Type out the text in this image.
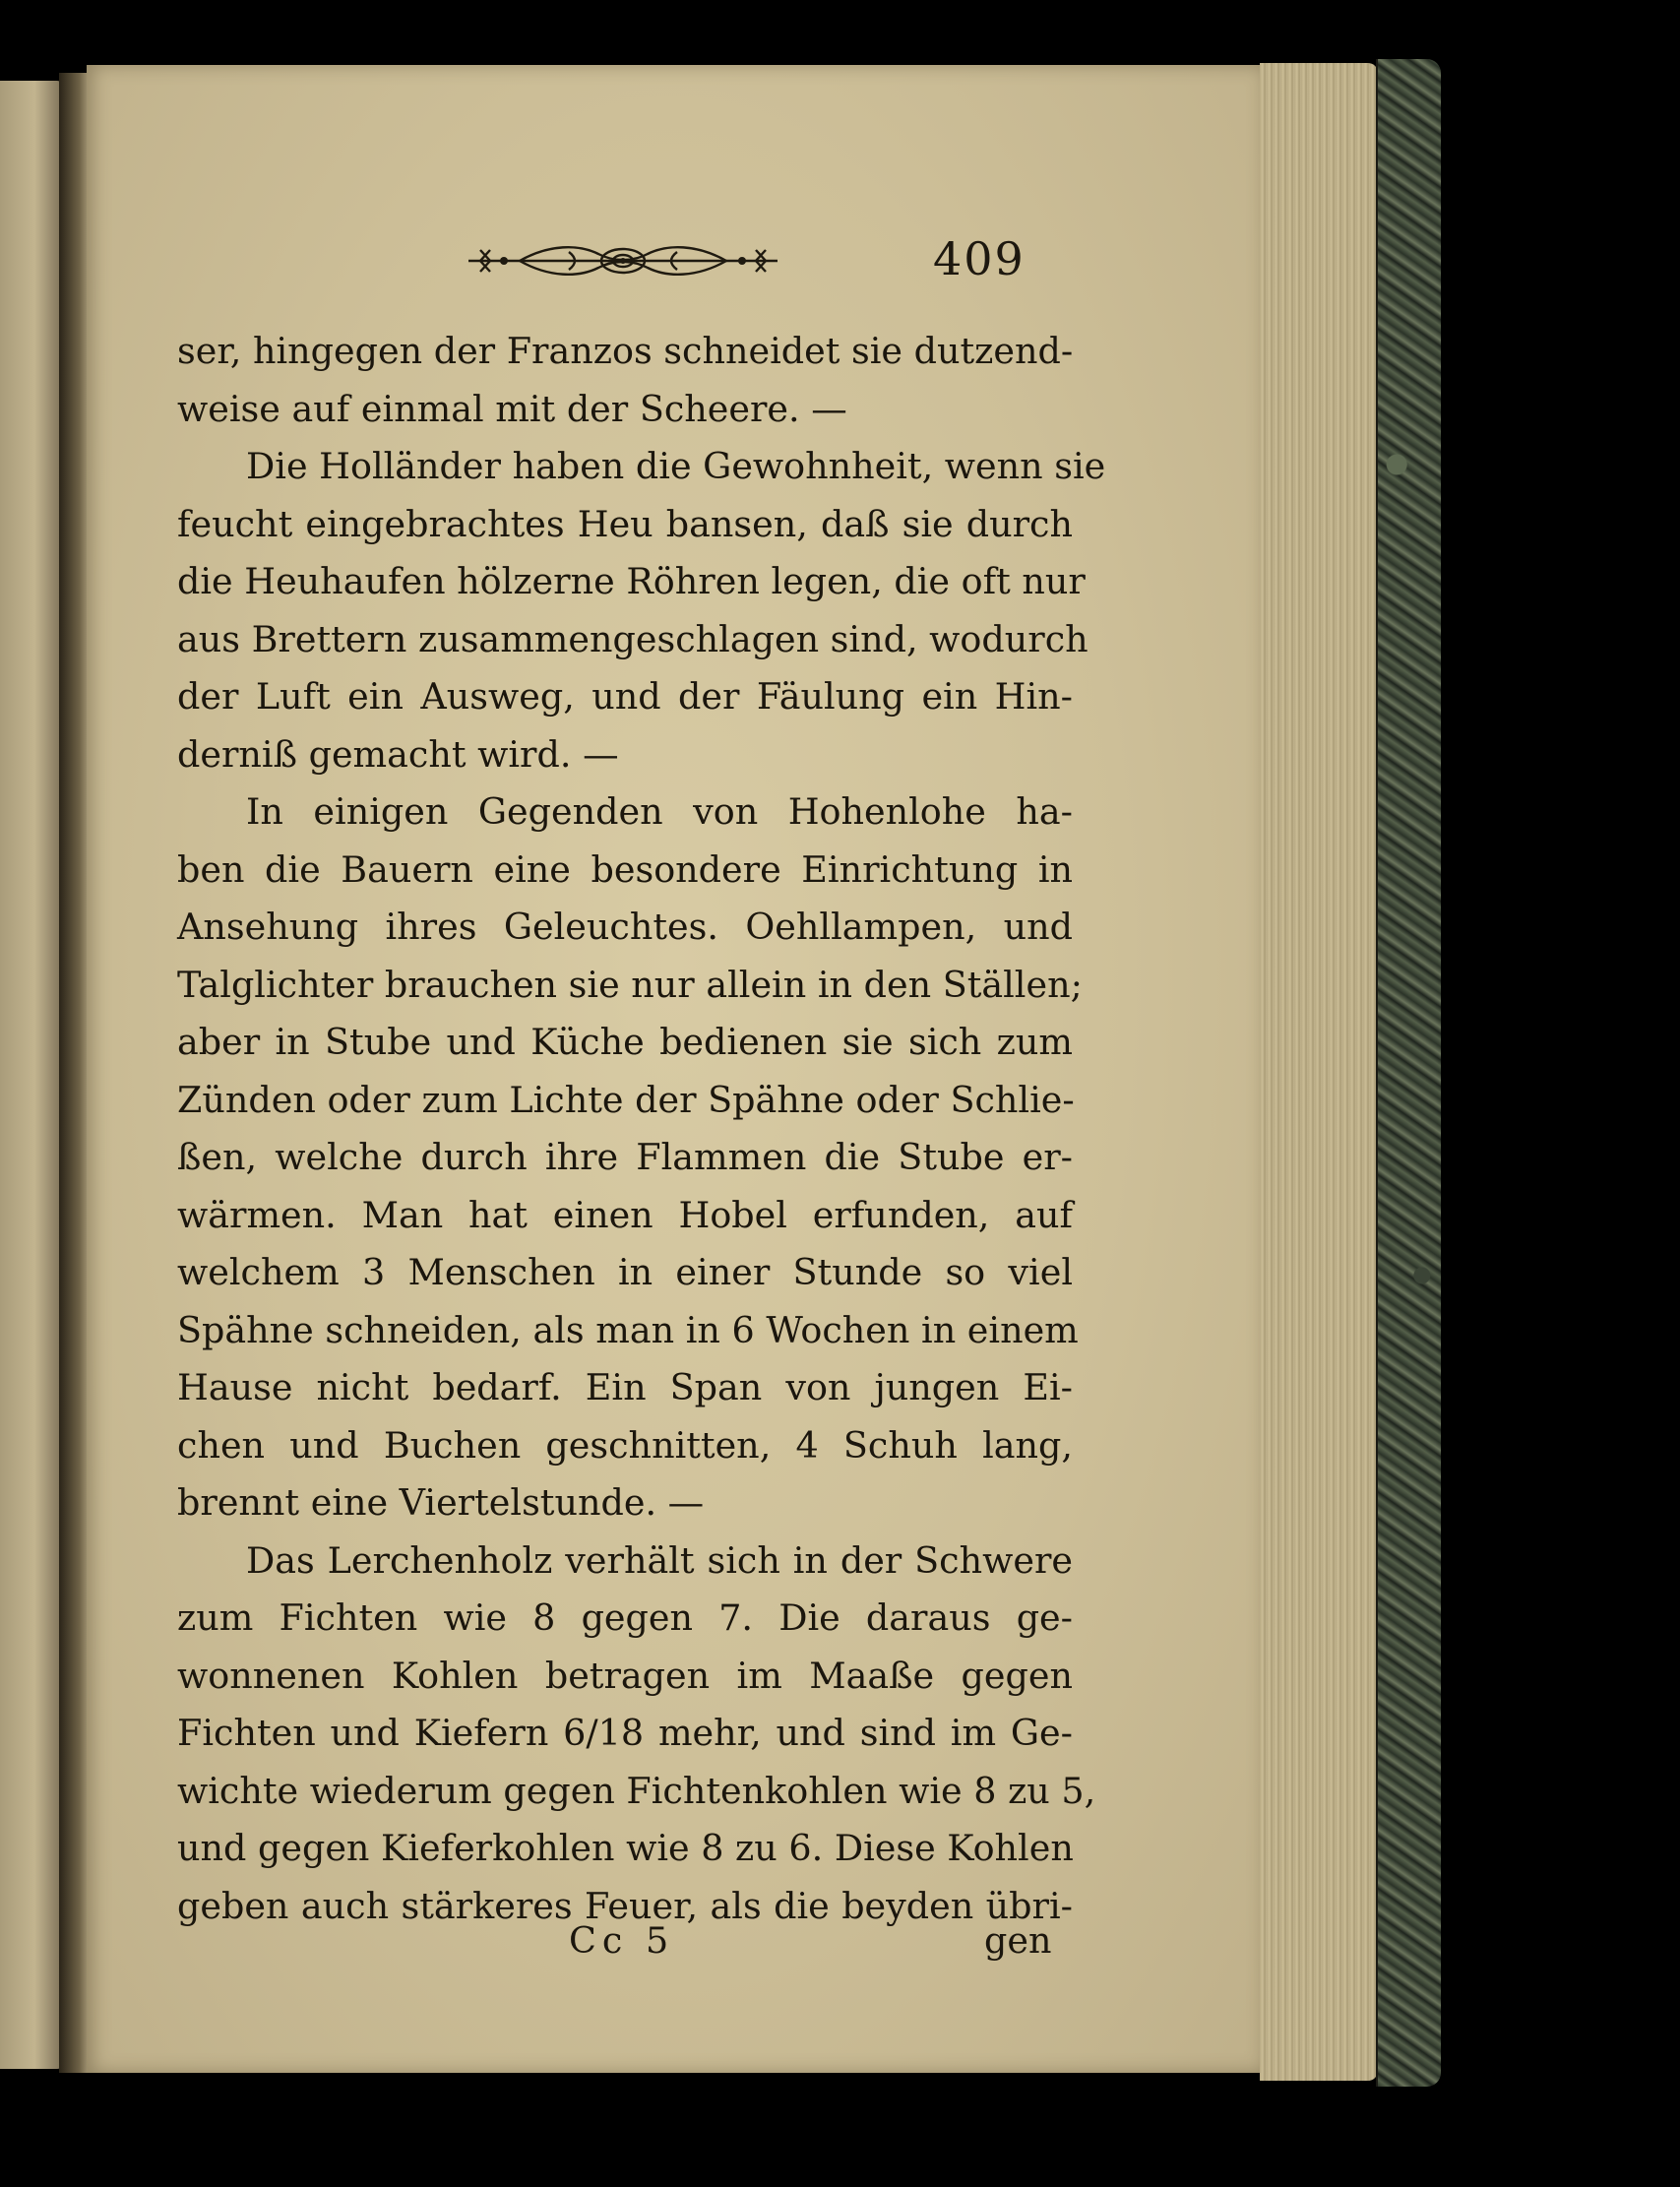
409
ser, hingegen der Franzos schneidet sie dutzend-
weise auf einmal mit der Scheere. —
Die Holländer haben die Gewohnheit, wenn sie
feucht eingebrachtes Heu bansen, daß sie durch
die Heuhaufen hölzerne Röhren legen, die oft nur
aus Brettern zusammengeschlagen sind, wodurch
der Luft ein Ausweg, und der Fäulung ein Hin-
derniß gemacht wird. —
In einigen Gegenden von Hohenlohe ha-
ben die Bauern eine besondere Einrichtung in
Ansehung ihres Geleuchtes. Oehllampen, und
Talglichter brauchen sie nur allein in den Ställen;
aber in Stube und Küche bedienen sie sich zum
Zünden oder zum Lichte der Spähne oder Schlie-
ßen, welche durch ihre Flammen die Stube er-
wärmen. Man hat einen Hobel erfunden, auf
welchem 3 Menschen in einer Stunde so viel
Spähne schneiden, als man in 6 Wochen in einem
Hause nicht bedarf. Ein Span von jungen Ei-
chen und Buchen geschnitten, 4 Schuh lang,
brennt eine Viertelstunde. —
Das Lerchenholz verhält sich in der Schwere
zum Fichten wie 8 gegen 7. Die daraus ge-
wonnenen Kohlen betragen im Maaße gegen
Fichten und Kiefern 6/18 mehr, und sind im Ge-
wichte wiederum gegen Fichtenkohlen wie 8 zu 5,
und gegen Kieferkohlen wie 8 zu 6. Diese Kohlen
geben auch stärkeres Feuer, als die beyden übri-
Cc 5	gen
